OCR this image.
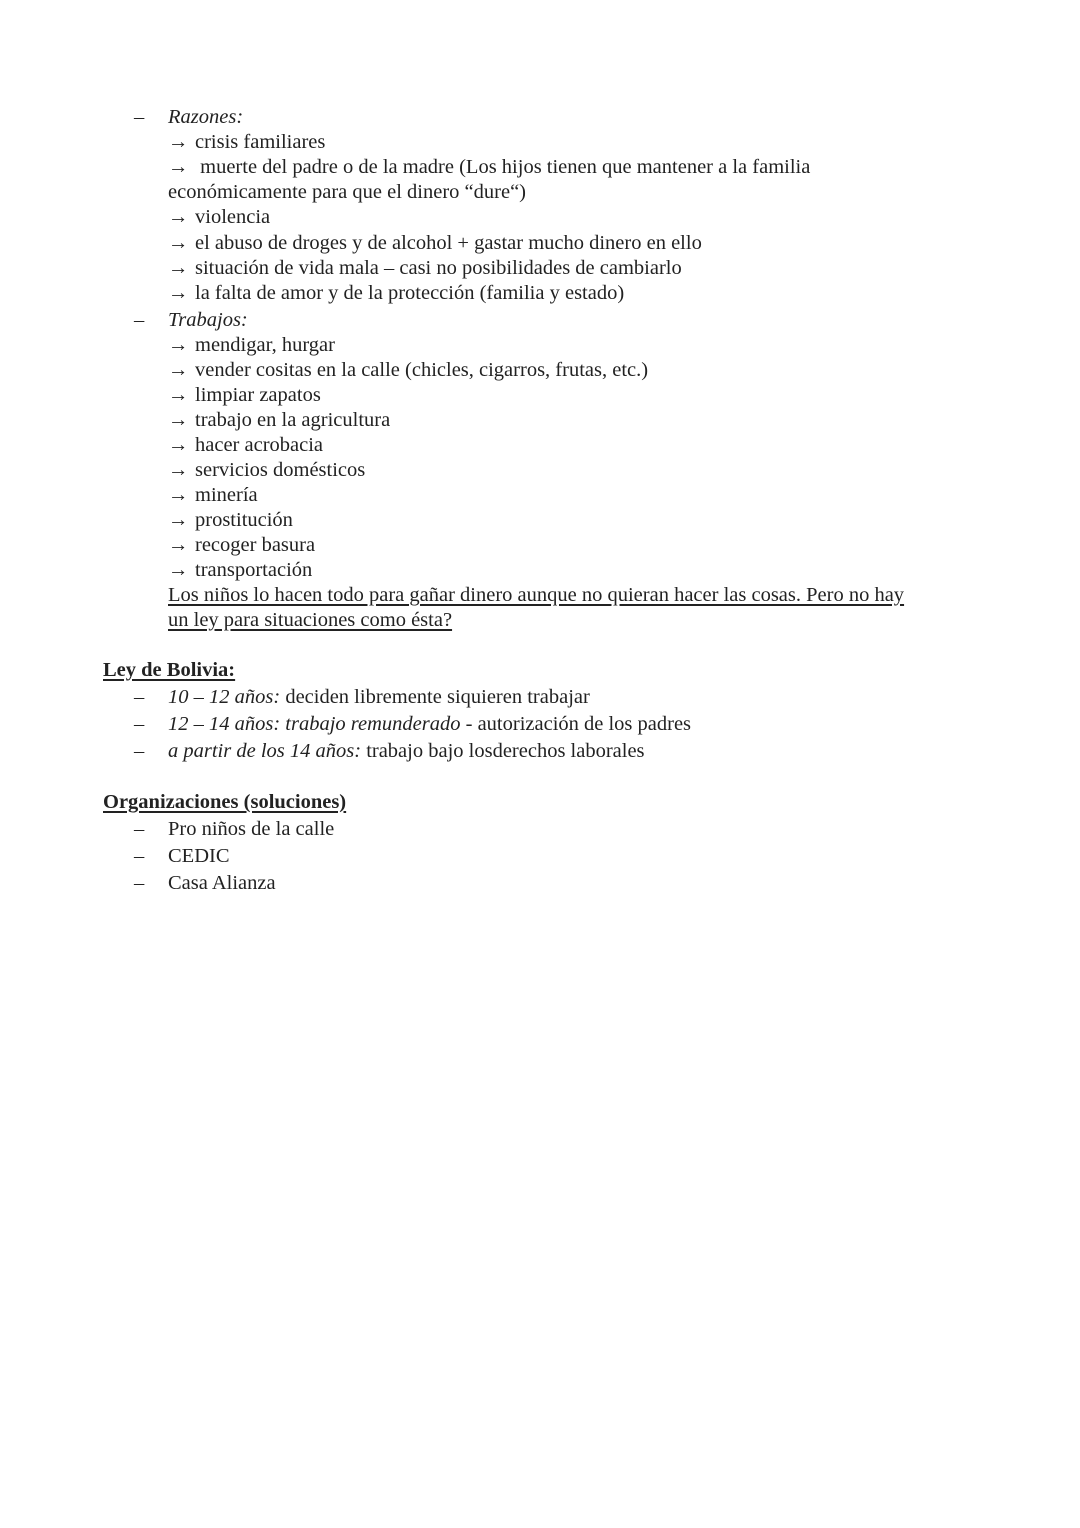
– Razones:
→ crisis familiares
→ muerte del padre o de la madre (Los hijos tienen que mantener a la familia
económicamente para que el dinero “dure“)
→ violencia
→ el abuso de droges y de alcohol + gastar mucho dinero en ello
→ situación de vida mala – casi no posibilidades de cambiarlo
→ la falta de amor y de la protección (familia y estado)
– Trabajos:
→ mendigar, hurgar
→ vender cositas en la calle (chicles, cigarros, frutas, etc.)
→ limpiar zapatos
→ trabajo en la agricultura
→ hacer acrobacia
→ servicios domésticos
→ minería
→ prostitución
→ recoger basura
→ transportación
Los niños lo hacen todo para gañar dinero aunque no quieran hacer las cosas. Pero no hay
un ley para situaciones como ésta?
Ley de Bolivia:
– 10 – 12 años: deciden libremente siquieren trabajar
– 12 – 14 años: trabajo remunderado - autorización de los padres
– a partir de los 14 años: trabajo bajo losderechos laborales
Organizaciones (soluciones)
– Pro niños de la calle
– CEDIC
– Casa Alianza
